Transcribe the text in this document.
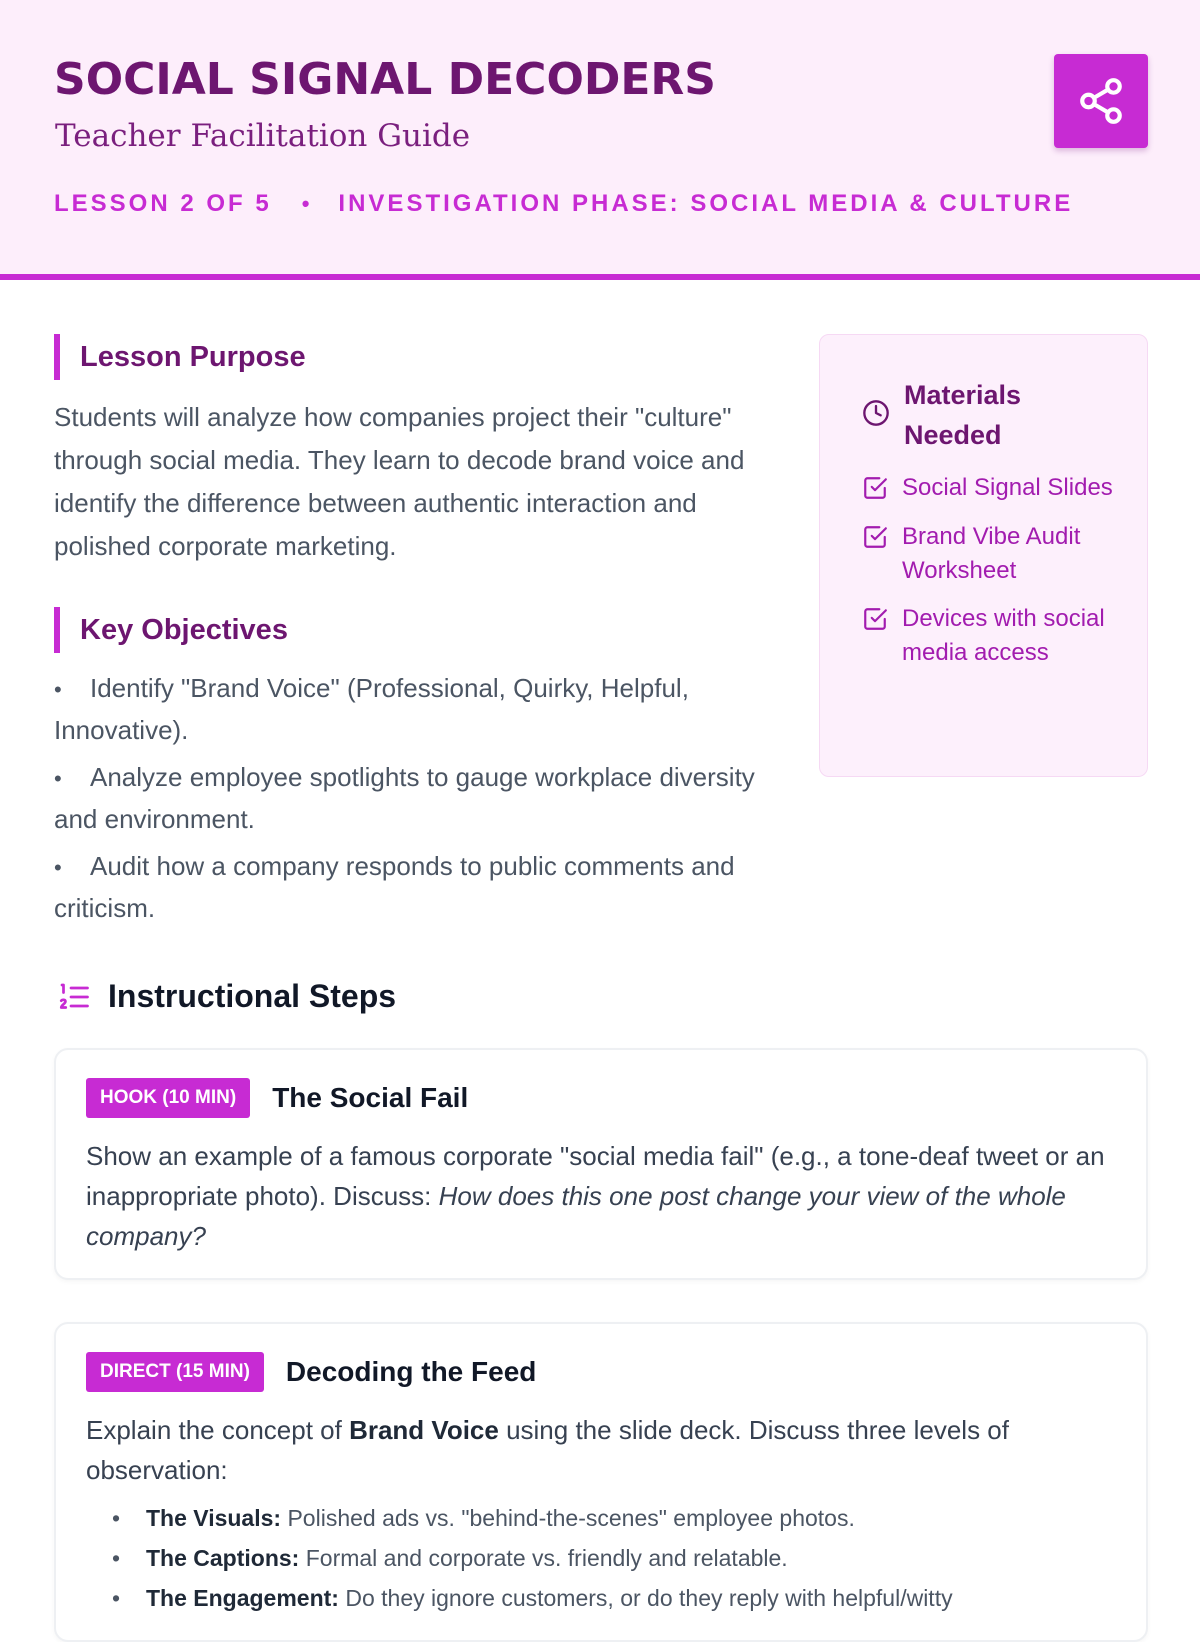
SOCIAL SIGNAL DECODERS
Teacher Facilitation Guide
LESSON 2 OF 5 • INVESTIGATION PHASE: SOCIAL MEDIA & CULTURE
Lesson Purpose

Students will analyze how companies project their "culture" through social media. They learn to decode brand voice and identify the difference between authentic interaction and polished corporate marketing.

Key Objectives
• Identify "Brand Voice" (Professional, Quirky, Helpful, Innovative).
• Analyze employee spotlights to gauge workplace diversity and environment.
• Audit how a company responds to public comments and criticism.
Materials Needed
Social Signal Slides
Brand Vibe Audit Worksheet
Devices with social media access
Instructional Steps
HOOK (10 MIN)	The Social Fail

Show an example of a famous corporate "social media fail" (e.g., a tone-deaf tweet or an inappropriate photo). Discuss: How does this one post change your view of the whole company?

DIRECT (15 MIN)	Decoding the Feed

Explain the concept of Brand Voice using the slide deck. Discuss three levels of observation:

• The Visuals: Polished ads vs. "behind-the-scenes" employee photos.
• The Captions: Formal and corporate vs. friendly and relatable.
• The Engagement: Do they ignore customers, or do they reply with helpful/witty
